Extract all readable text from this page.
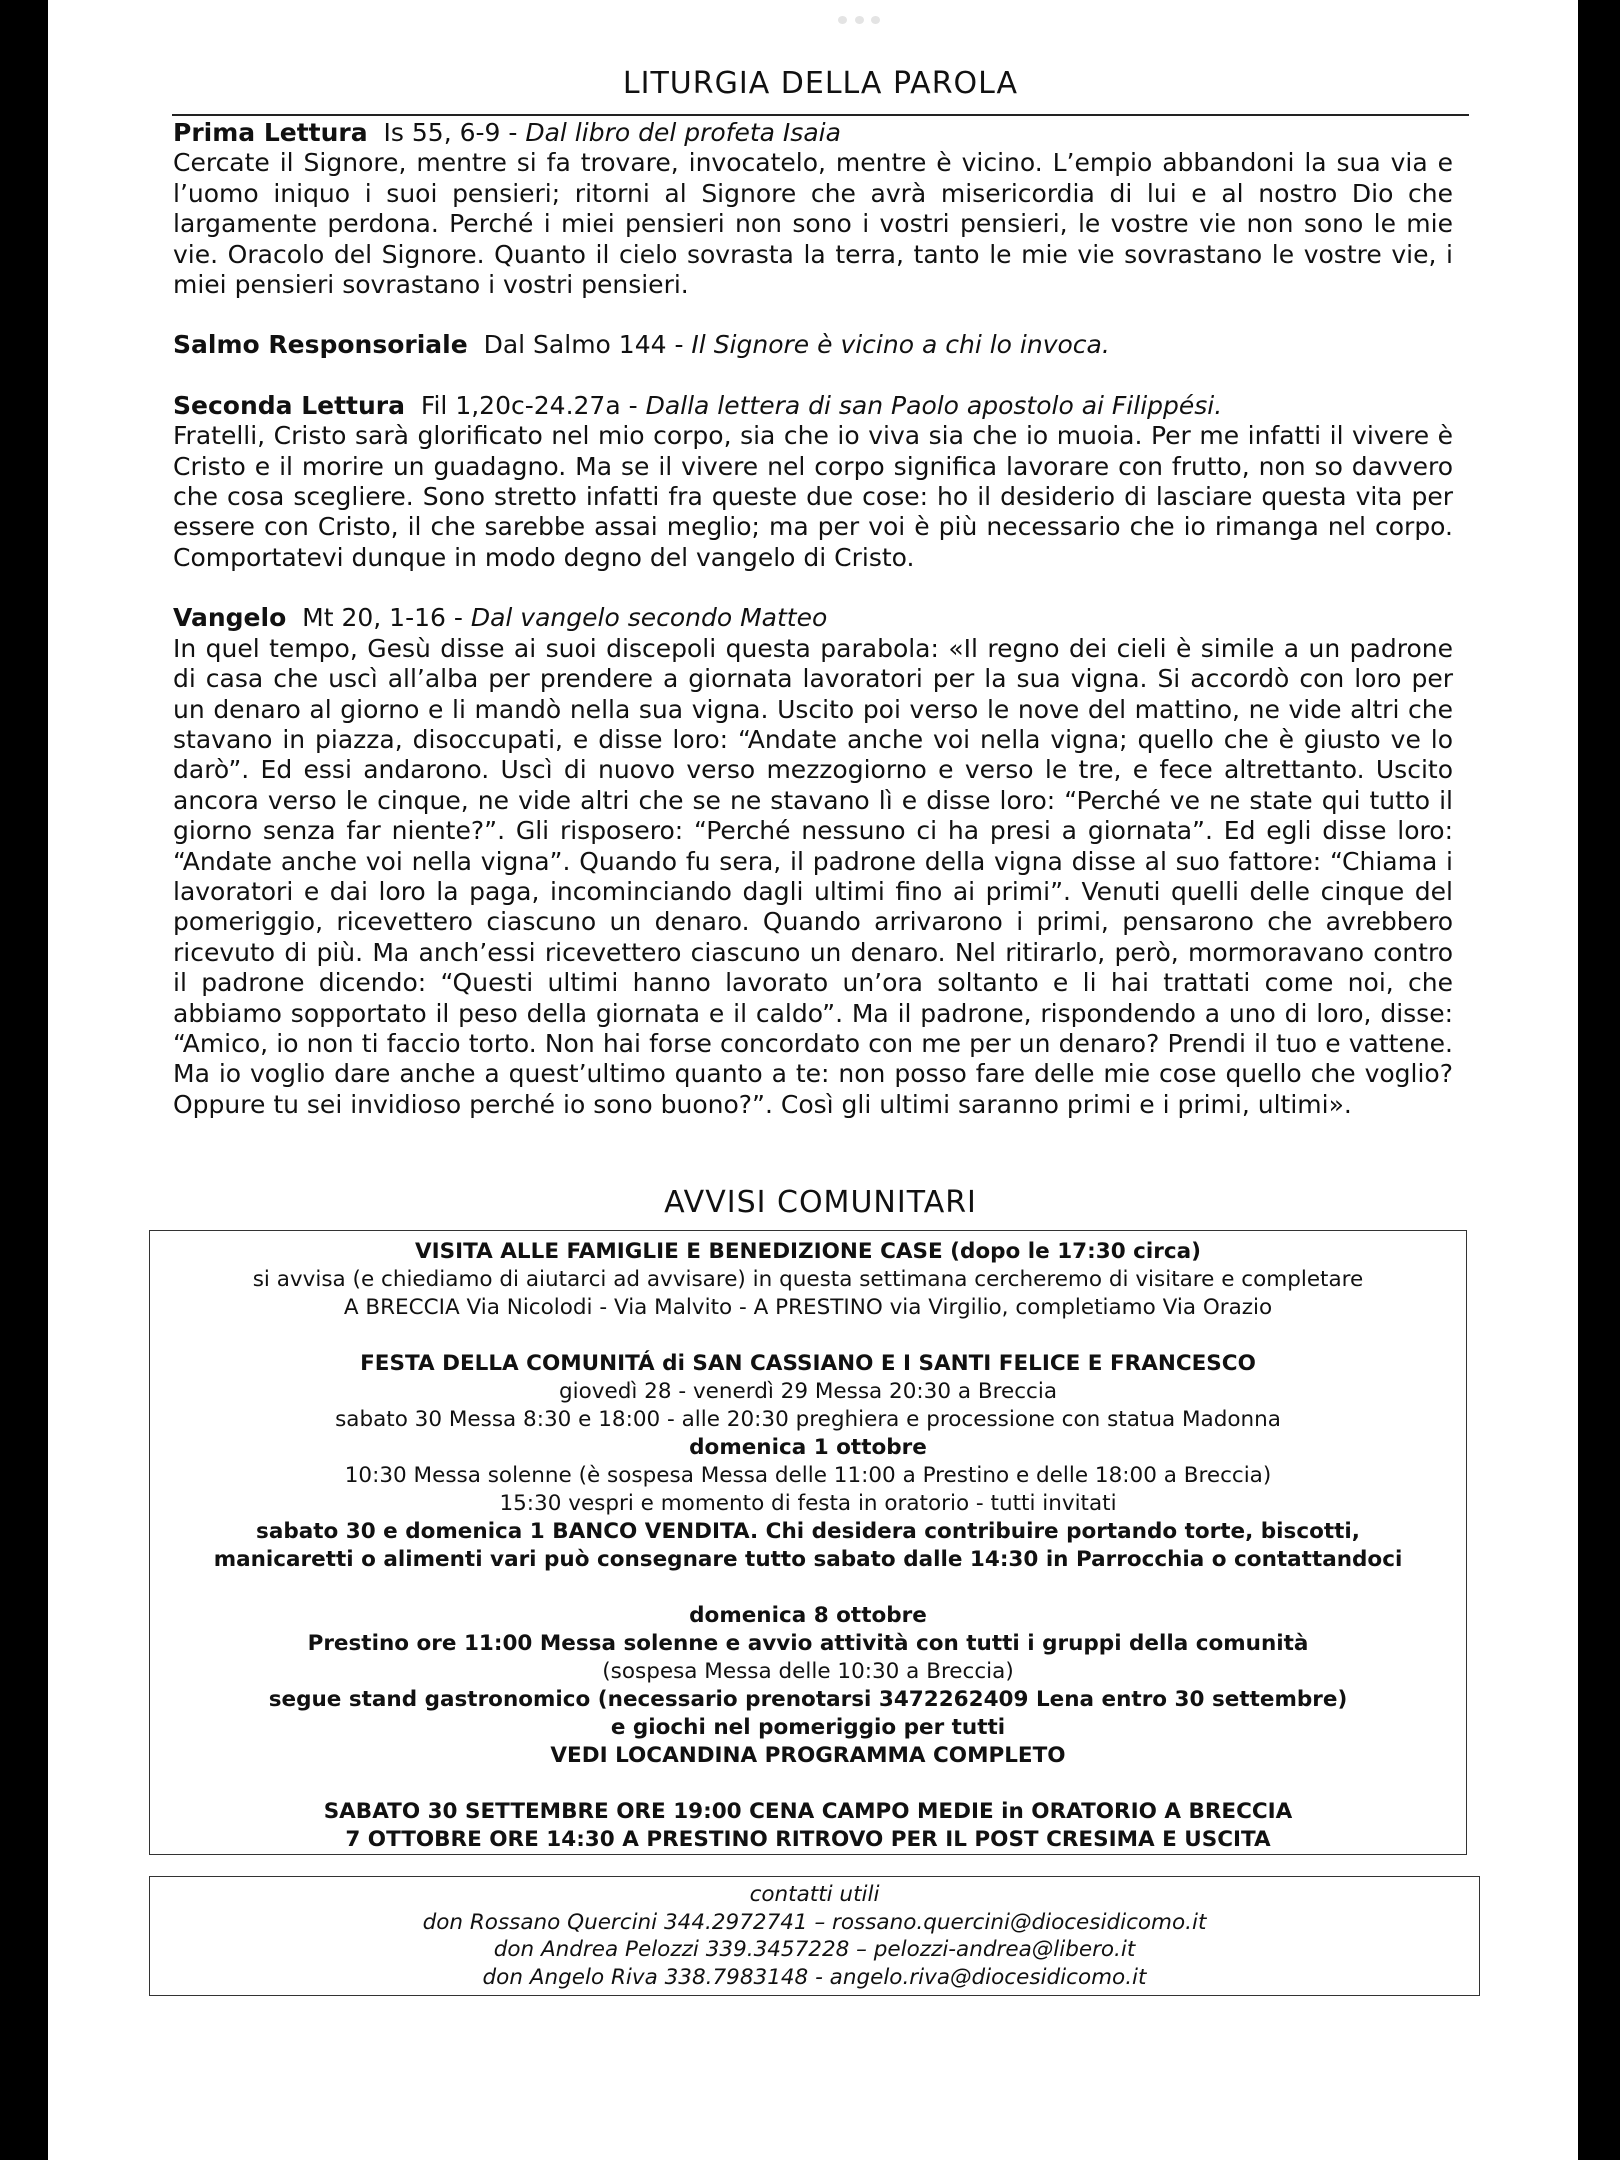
LITURGIA DELLA PAROLA

Prima Lettura Is 55, 6-9 - Dal libro del profeta Isaia

Cercate il Signore, mentre si fa trovare, invocatelo, mentre è vicino. L’empio abbandoni la sua via e l’uomo iniquo i suoi pensieri; ritorni al Signore che avrà misericordia di lui e al nostro Dio che largamente perdona. Perché i miei pensieri non sono i vostri pensieri, le vostre vie non sono le mie vie. Oracolo del Signore. Quanto il cielo sovrasta la terra, tanto le mie vie sovrastano le vostre vie, i miei pensieri sovrastano i vostri pensieri.

Salmo Responsoriale Dal Salmo 144 - Il Signore è vicino a chi lo invoca.

Seconda Lettura Fil 1,20c-24.27a - Dalla lettera di san Paolo apostolo ai Filippési.

Fratelli, Cristo sarà glorificato nel mio corpo, sia che io viva sia che io muoia. Per me infatti il vivere è Cristo e il morire un guadagno. Ma se il vivere nel corpo significa lavorare con frutto, non so davvero che cosa scegliere. Sono stretto infatti fra queste due cose: ho il desiderio di lasciare questa vita per essere con Cristo, il che sarebbe assai meglio; ma per voi è più necessario che io rimanga nel corpo. Comportatevi dunque in modo degno del vangelo di Cristo.

Vangelo Mt 20, 1-16 - Dal vangelo secondo Matteo

In quel tempo, Gesù disse ai suoi discepoli questa parabola: «Il regno dei cieli è simile a un padrone di casa che uscì all’alba per prendere a giornata lavoratori per la sua vigna. Si accordò con loro per un denaro al giorno e li mandò nella sua vigna. Uscito poi verso le nove del mattino, ne vide altri che stavano in piazza, disoccupati, e disse loro: “Andate anche voi nella vigna; quello che è giusto ve lo darò”. Ed essi andarono. Uscì di nuovo verso mezzogiorno e verso le tre, e fece altrettanto. Uscito ancora verso le cinque, ne vide altri che se ne stavano lì e disse loro: “Perché ve ne state qui tutto il giorno senza far niente?”. Gli risposero: “Perché nessuno ci ha presi a giornata”. Ed egli disse loro: “Andate anche voi nella vigna”. Quando fu sera, il padrone della vigna disse al suo fattore: “Chiama i lavoratori e dai loro la paga, incominciando dagli ultimi fino ai primi”. Venuti quelli delle cinque del pomeriggio, ricevettero ciascuno un denaro. Quando arrivarono i primi, pensarono che avrebbero ricevuto di più. Ma anch’essi ricevettero ciascuno un denaro. Nel ritirarlo, però, mormoravano contro il padrone dicendo: “Questi ultimi hanno lavorato un’ora soltanto e li hai trattati come noi, che abbiamo sopportato il peso della giornata e il caldo”. Ma il padrone, rispondendo a uno di loro, disse: “Amico, io non ti faccio torto. Non hai forse concordato con me per un denaro? Prendi il tuo e vattene. Ma io voglio dare anche a quest’ultimo quanto a te: non posso fare delle mie cose quello che voglio? Oppure tu sei invidioso perché io sono buono?”. Così gli ultimi saranno primi e i primi, ultimi».

AVVISI COMUNITARI

VISITA ALLE FAMIGLIE E BENEDIZIONE CASE (dopo le 17:30 circa)

si avvisa (e chiediamo di aiutarci ad avvisare) in questa settimana cercheremo di visitare e completare

A BRECCIA Via Nicolodi - Via Malvito - A PRESTINO via Virgilio, completiamo Via Orazio

FESTA DELLA COMUNITÁ di SAN CASSIANO E I SANTI FELICE E FRANCESCO

giovedì 28 - venerdì 29 Messa 20:30 a Breccia

sabato 30 Messa 8:30 e 18:00 - alle 20:30 preghiera e processione con statua Madonna

domenica 1 ottobre

10:30 Messa solenne (è sospesa Messa delle 11:00 a Prestino e delle 18:00 a Breccia)

15:30 vespri e momento di festa in oratorio - tutti invitati

sabato 30 e domenica 1 BANCO VENDITA. Chi desidera contribuire portando torte, biscotti,

manicaretti o alimenti vari può consegnare tutto sabato dalle 14:30 in Parrocchia o contattandoci

domenica 8 ottobre

Prestino ore 11:00 Messa solenne e avvio attività con tutti i gruppi della comunità

(sospesa Messa delle 10:30 a Breccia)

segue stand gastronomico (necessario prenotarsi 3472262409 Lena entro 30 settembre)

e giochi nel pomeriggio per tutti

VEDI LOCANDINA PROGRAMMA COMPLETO

SABATO 30 SETTEMBRE ORE 19:00 CENA CAMPO MEDIE in ORATORIO A BRECCIA

7 OTTOBRE ORE 14:30 A PRESTINO RITROVO PER IL POST CRESIMA E USCITA

contatti utili

don Rossano Quercini 344.2972741 – rossano.quercini@diocesidicomo.it

don Andrea Pelozzi 339.3457228 – pelozzi-andrea@libero.it

don Angelo Riva 338.7983148 - angelo.riva@diocesidicomo.it
